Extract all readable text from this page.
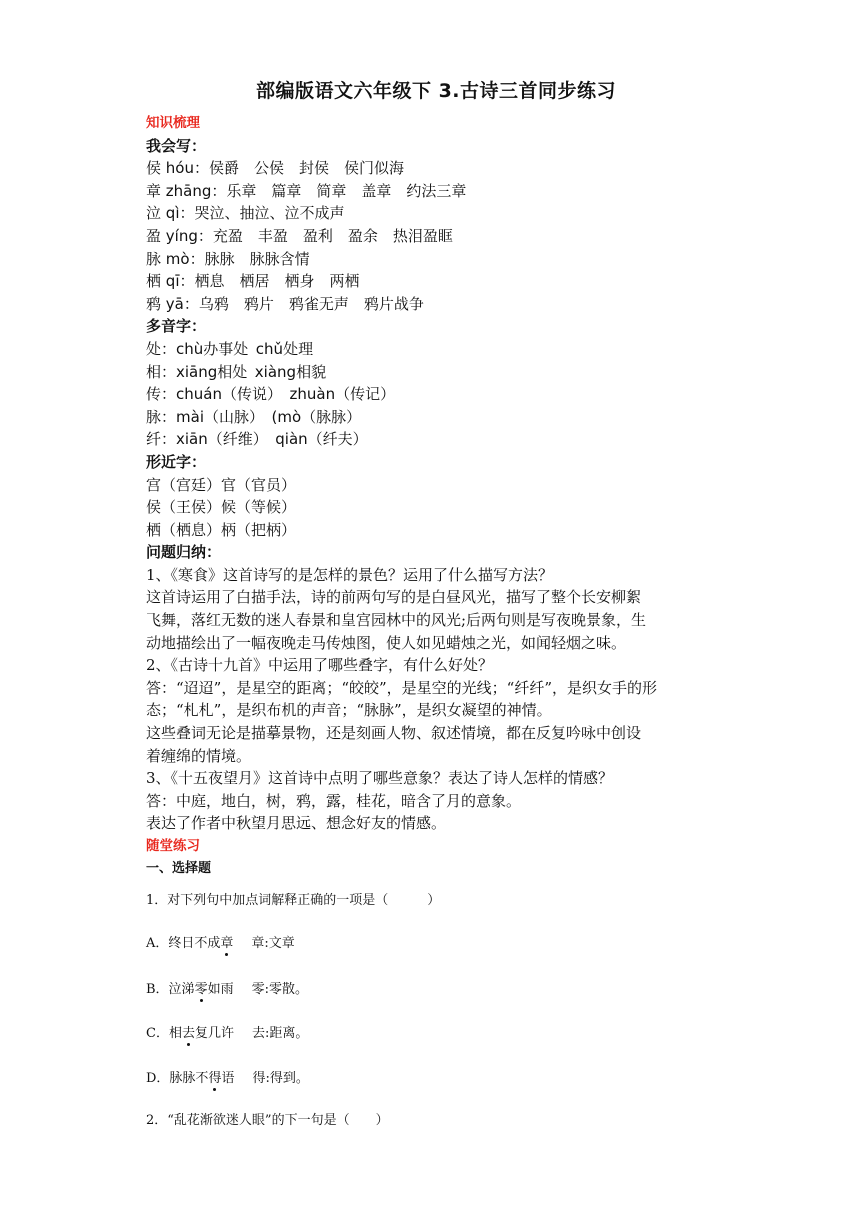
部编版语文六年级下 3.古诗三首同步练习
知识梳理
我会写：
侯 hóu：侯爵　公侯　封侯　侯门似海
章 zhāng：乐章　篇章　简章　盖章　约法三章
泣 qì：哭泣、抽泣、泣不成声
盈 yíng：充盈　丰盈　盈利　盈余　热泪盈眶
脉 mò：脉脉　脉脉含情
栖 qī：栖息　栖居　栖身　两栖
鸦 yā：乌鸦　鸦片　鸦雀无声　鸦片战争
多音字：
处：chù办事处  chǔ处理
相：xiāng相处  xiàng相貌
传：chuán（传说）  zhuàn（传记）
脉：mài（山脉）  (mò（脉脉）
纤：xiān（纤维）  qiàn（纤夫）
形近字：
宫（宫廷）官（官员）
侯（王侯）候（等候）
栖（栖息）柄（把柄）
问题归纳：
1、《寒食》这首诗写的是怎样的景色？运用了什么描写方法？
这首诗运用了白描手法，诗的前两句写的是白昼风光，描写了整个长安柳絮
飞舞，落红无数的迷人春景和皇宫园林中的风光;后两句则是写夜晚景象，生
动地描绘出了一幅夜晚走马传烛图，使人如见蜡烛之光，如闻轻烟之味。
2、《古诗十九首》中运用了哪些叠字，有什么好处？
答：“迢迢”，是星空的距离；“皎皎”，是星空的光线；“纤纤”，是织女手的形
态；“札札”，是织布机的声音；“脉脉”，是织女凝望的神情。
这些叠词无论是描摹景物，还是刻画人物、叙述情境，都在反复吟咏中创设
着缠绵的情境。
3、《十五夜望月》这首诗中点明了哪些意象？表达了诗人怎样的情感？
答：中庭，地白，树，鸦，露，桂花，暗含了月的意象。
表达了作者中秋望月思远、想念好友的情感。
随堂练习
一、选择题
1．对下列句中加点词解释正确的一项是（　　　）
A．终日不成章 章:文章
B．泣涕零如雨 零:零散。
C．相去复几许 去:距离。
D．脉脉不得语 得:得到。
2．“乱花渐欲迷人眼”的下一句是（　　）
